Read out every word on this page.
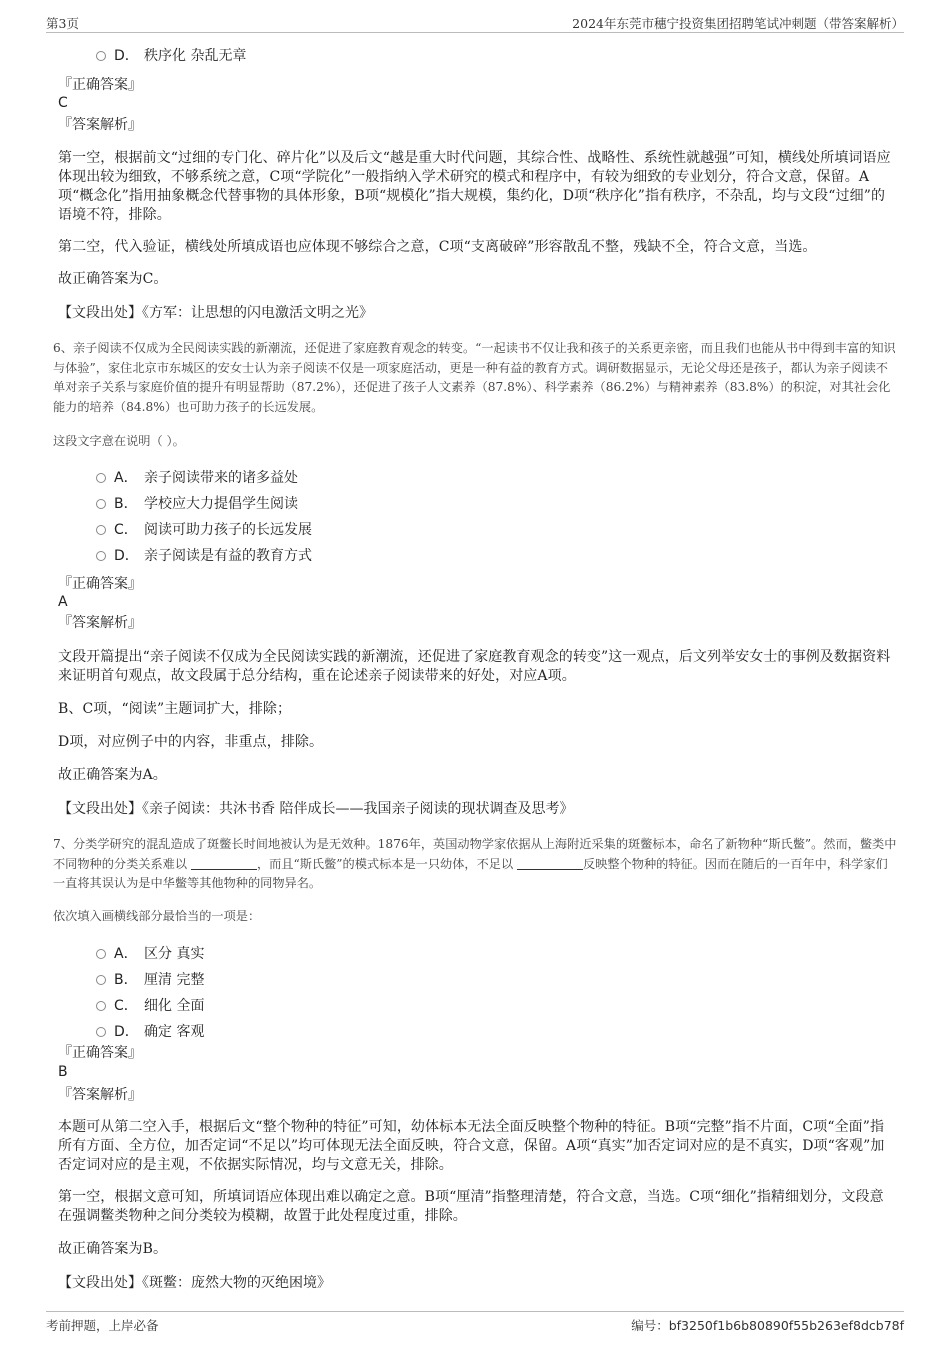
第3页	2024年东莞市穗宁投资集团招聘笔试冲刺题（带答案解析）
D． 秩序化 杂乱无章
『正确答案』
C
『答案解析』
第一空，根据前文“过细的专门化、碎片化”以及后文“越是重大时代问题，其综合性、战略性、系统性就越强”可知，横线处所填词语应体现出较为细致，不够系统之意，C项“学院化”一般指纳入学术研究的模式和程序中，有较为细致的专业划分，符合文意，保留。A项“概念化”指用抽象概念代替事物的具体形象，B项“规模化”指大规模，集约化，D项“秩序化”指有秩序，不杂乱，均与文段“过细”的语境不符，排除。
第二空，代入验证，横线处所填成语也应体现不够综合之意，C项“支离破碎”形容散乱不整，残缺不全，符合文意，当选。
故正确答案为C。
【文段出处】《方军：让思想的闪电激活文明之光》
6、亲子阅读不仅成为全民阅读实践的新潮流，还促进了家庭教育观念的转变。“一起读书不仅让我和孩子的关系更亲密，而且我们也能从书中得到丰富的知识与体验”，家住北京市东城区的安女士认为亲子阅读不仅是一项家庭活动，更是一种有益的教育方式。调研数据显示，无论父母还是孩子，都认为亲子阅读不单对亲子关系与家庭价值的提升有明显帮助（87.2%），还促进了孩子人文素养（87.8%）、科学素养（86.2%）与精神素养（83.8%）的积淀，对其社会化能力的培养（84.8%）也可助力孩子的长远发展。
这段文字意在说明（ ）。
A． 亲子阅读带来的诸多益处
B． 学校应大力提倡学生阅读
C． 阅读可助力孩子的长远发展
D． 亲子阅读是有益的教育方式
『正确答案』
A
『答案解析』
文段开篇提出“亲子阅读不仅成为全民阅读实践的新潮流，还促进了家庭教育观念的转变”这一观点，后文列举安女士的事例及数据资料来证明首句观点，故文段属于总分结构，重在论述亲子阅读带来的好处，对应A项。
B、C项，“阅读”主题词扩大，排除；
D项，对应例子中的内容，非重点，排除。
故正确答案为A。
【文段出处】《亲子阅读：共沐书香 陪伴成长——我国亲子阅读的现状调查及思考》
7、分类学研究的混乱造成了斑鳖长时间地被认为是无效种。1876年，英国动物学家依据从上海附近采集的斑鳖标本，命名了新物种“斯氏鳖”。然而，鳖类中不同物种的分类关系难以	，而且“斯氏鳖”的模式标本是一只幼体，不足以	反映整个物种的特征。因而在随后的一百年中，科学家们一直将其误认为是中华鳖等其他物种的同物异名。
依次填入画横线部分最恰当的一项是：
A． 区分 真实
B． 厘清 完整
C． 细化 全面
D． 确定 客观
『正确答案』
B
『答案解析』
本题可从第二空入手，根据后文“整个物种的特征”可知，幼体标本无法全面反映整个物种的特征。B项“完整”指不片面，C项“全面”指所有方面、全方位，加否定词“不足以”均可体现无法全面反映，符合文意，保留。A项“真实”加否定词对应的是不真实，D项“客观”加否定词对应的是主观，不依据实际情况，均与文意无关，排除。
第一空，根据文意可知，所填词语应体现出难以确定之意。B项“厘清”指整理清楚，符合文意，当选。C项“细化”指精细划分，文段意在强调鳖类物种之间分类较为模糊，故置于此处程度过重，排除。
故正确答案为B。
【文段出处】《斑鳖：庞然大物的灭绝困境》
考前押题，上岸必备	编号：bf3250f1b6b80890f55b263ef8dcb78f
